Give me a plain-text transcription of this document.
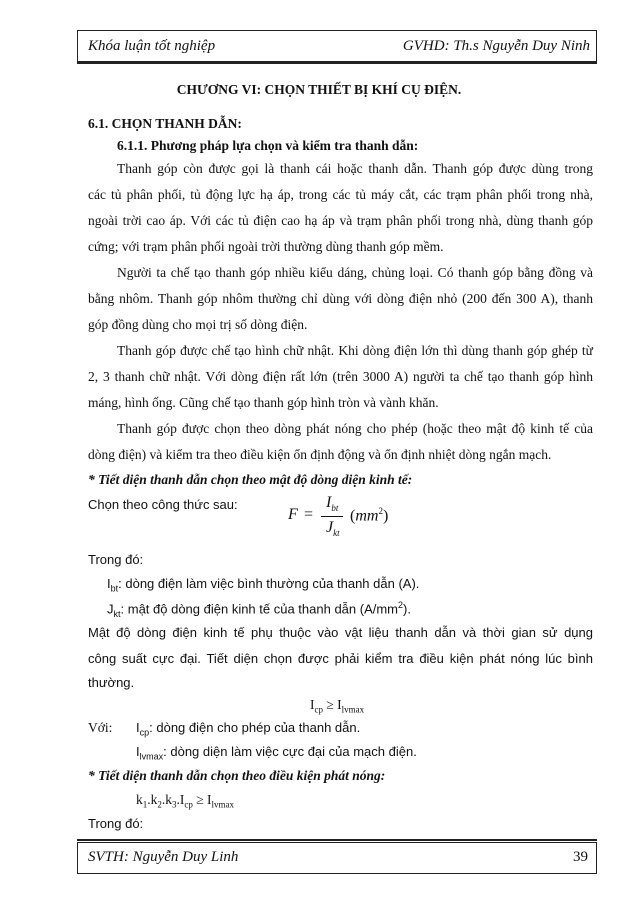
Khóa luận tốt nghiệp	GVHD: Th.s Nguyễn Duy Ninh
CHƯƠNG VI: CHỌN THIẾT BỊ KHÍ CỤ ĐIỆN.
6.1. CHỌN THANH DẪN:
6.1.1. Phương pháp lựa chọn và kiểm tra thanh dẫn:
Thanh góp còn được gọi là thanh cái hoặc thanh dẫn. Thanh góp được dùng trong
các tủ phân phối, tủ động lực hạ áp, trong các tủ máy cắt, các trạm phân phối trong nhà,
ngoài trời cao áp. Với các tủ điện cao hạ áp và trạm phân phối trong nhà, dùng thanh góp
cứng; với trạm phân phối ngoài trời thường dùng thanh góp mềm.
Người ta chế tạo thanh góp nhiều kiểu dáng, chủng loại. Có thanh góp bằng đồng và
bằng nhôm. Thanh góp nhôm thường chỉ dùng với dòng điện nhỏ (200 đến 300 A), thanh
góp đồng dùng cho mọi trị số dòng điện.
Thanh góp được chế tạo hình chữ nhật. Khi dòng điện lớn thì dùng thanh góp ghép từ
2, 3 thanh chữ nhật. Với dòng điện rất lớn (trên 3000 A) người ta chế tạo thanh góp hình
máng, hình ống. Cũng chế tạo thanh góp hình tròn và vành khăn.
Thanh góp được chọn theo dòng phát nóng cho phép (hoặc theo mật độ kinh tế của
dòng điện) và kiểm tra theo điều kiện ổn định động và ổn định nhiệt dòng ngắn mạch.
* Tiết diện thanh dẫn chọn theo mật độ dòng diện kinh tế:
Chọn theo công thức sau:
F =
$I_{bt}$
$J_{kt}$
$(mm^2)$
Trong đó:
$I_{bt}$: dòng điện làm việc bình thường của thanh dẫn (A).
$J_{kt}$: mật độ dòng điện kinh tế của thanh dẫn $(A/mm^2)$.
Mật độ dòng điện kinh tế phụ thuộc vào vật liệu thanh dẫn và thời gian sử dụng
công suất cực đại. Tiết diện chọn được phải kiểm tra điều kiện phát nóng lúc bình
thường.
$I_{cp} \ge I_{lvmax}$
Với: $I_{cp}$: dòng điện cho phép của thanh dẫn.
$I_{lvmax}$: dòng diện làm việc cực đại của mạch điện.
* Tiết diện thanh dẫn chọn theo điều kiện phát nóng:
$k_1.k_2.k_3.I_{cp} \ge I_{lvmax}$
Trong đó:
SVTH: Nguyễn Duy Linh	39
